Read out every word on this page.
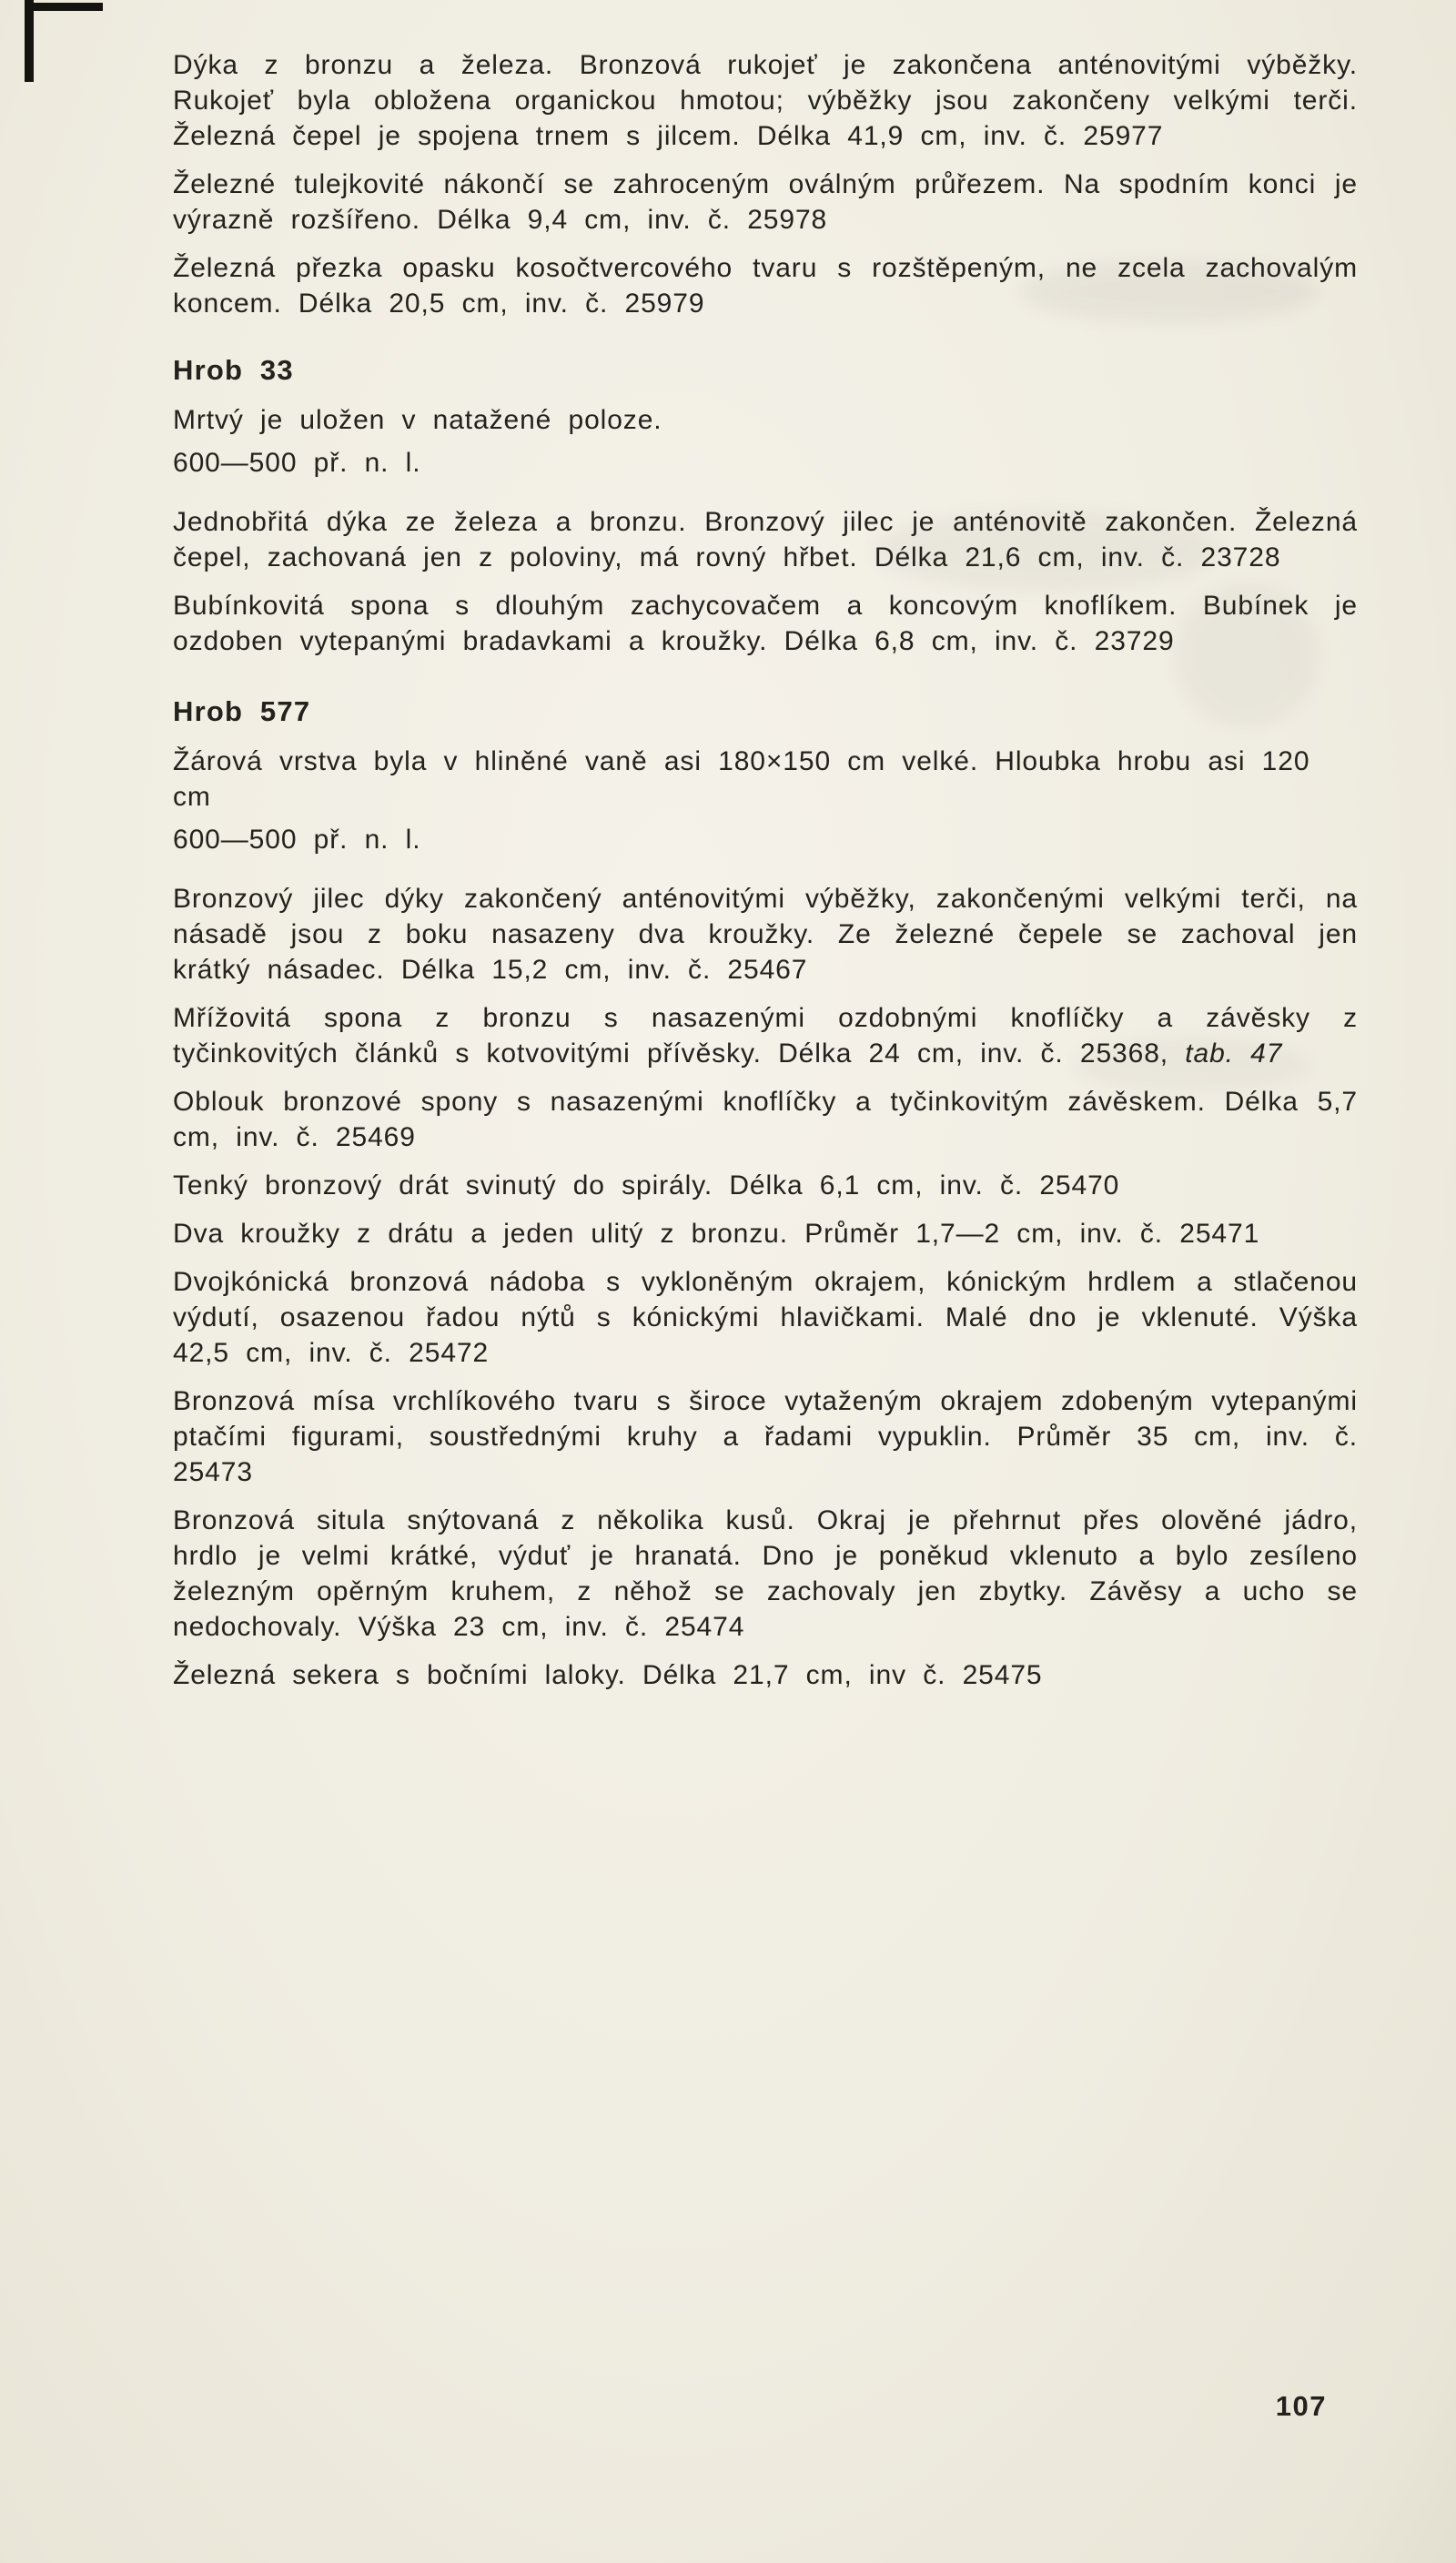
Dýka z bronzu a železa. Bronzová rukojeť je zakončena anténovitými výběžky. Rukojeť byla obložena organickou hmotou; výběžky jsou zakončeny velkými terči. Železná čepel je spojena trnem s jilcem. Délka 41,9 cm, inv. č. 25977

Železné tulejkovité nákončí se zahroceným oválným průřezem. Na spodním konci je výrazně rozšířeno. Délka 9,4 cm, inv. č. 25978

Železná přezka opasku kosočtvercového tvaru s rozštěpeným, ne zcela zachovalým koncem. Délka 20,5 cm, inv. č. 25979

Hrob 33

Mrtvý je uložen v natažené poloze.

600—500 př. n. l.

Jednobřitá dýka ze železa a bronzu. Bronzový jilec je anténovitě zakončen. Železná čepel, zachovaná jen z poloviny, má rovný hřbet. Délka 21,6 cm, inv. č. 23728

Bubínkovitá spona s dlouhým zachycovačem a koncovým knoflíkem. Bubínek je ozdoben vytepanými bradavkami a kroužky. Délka 6,8 cm, inv. č. 23729

Hrob 577

Žárová vrstva byla v hliněné vaně asi 180×150 cm velké. Hloubka hrobu asi 120 cm

600—500 př. n. l.

Bronzový jilec dýky zakončený anténovitými výběžky, zakončenými velkými terči, na násadě jsou z boku nasazeny dva kroužky. Ze železné čepele se zachoval jen krátký násadec. Délka 15,2 cm, inv. č. 25467

Mřížovitá spona z bronzu s nasazenými ozdobnými knoflíčky a závěsky z tyčinkovitých článků s kotvovitými přívěsky. Délka 24 cm, inv. č. 25368, tab. 47

Oblouk bronzové spony s nasazenými knoflíčky a tyčinkovitým závěskem. Délka 5,7 cm, inv. č. 25469

Tenký bronzový drát svinutý do spirály. Délka 6,1 cm, inv. č. 25470

Dva kroužky z drátu a jeden ulitý z bronzu. Průměr 1,7—2 cm, inv. č. 25471

Dvojkónická bronzová nádoba s vykloněným okrajem, kónickým hrdlem a stlačenou výdutí, osazenou řadou nýtů s kónickými hlavičkami. Malé dno je vklenuté. Výška 42,5 cm, inv. č. 25472

Bronzová mísa vrchlíkového tvaru s široce vytaženým okrajem zdobeným vytepanými ptačími figurami, soustřednými kruhy a řadami vypuklin. Průměr 35 cm, inv. č. 25473

Bronzová situla snýtovaná z několika kusů. Okraj je přehrnut přes olověné jádro, hrdlo je velmi krátké, výduť je hranatá. Dno je poněkud vklenuto a bylo zesíleno železným opěrným kruhem, z něhož se zachovaly jen zbytky. Závěsy a ucho se nedochovaly. Výška 23 cm, inv. č. 25474

Železná sekera s bočními laloky. Délka 21,7 cm, inv č. 25475

107
